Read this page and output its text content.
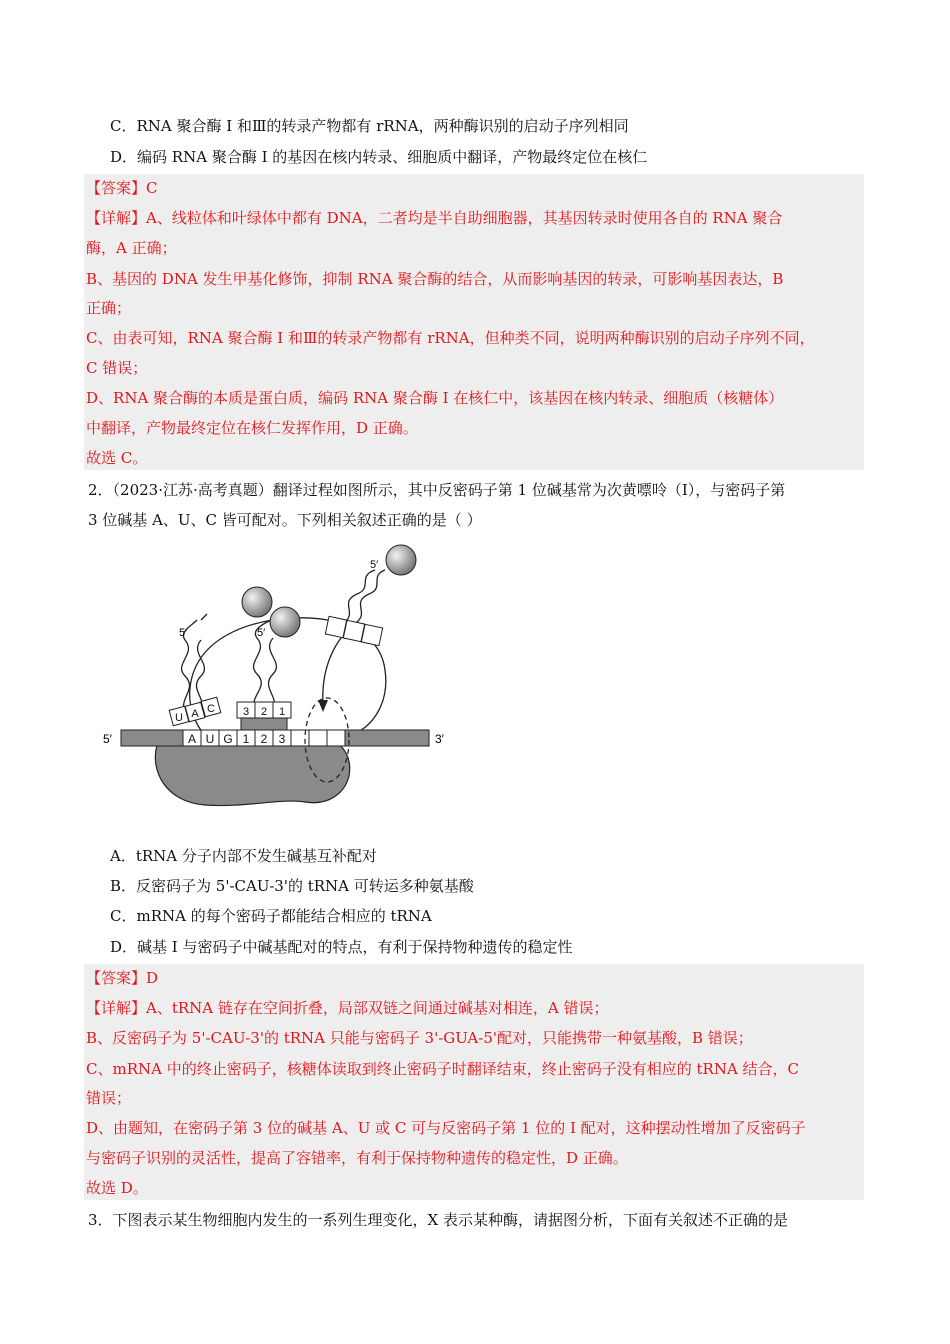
C．RNA 聚合酶 I 和Ⅲ的转录产物都有 rRNA，两种酶识别的启动子序列相同
D．编码 RNA 聚合酶 I 的基因在核内转录、细胞质中翻译，产物最终定位在核仁
【答案】C
【详解】A、线粒体和叶绿体中都有 DNA，二者均是半自助细胞器，其基因转录时使用各自的 RNA 聚合
酶，A 正确；
B、基因的 DNA 发生甲基化修饰，抑制 RNA 聚合酶的结合，从而影响基因的转录，可影响基因表达，B
正确；
C、由表可知，RNA 聚合酶 I 和Ⅲ的转录产物都有 rRNA，但种类不同，说明两种酶识别的启动子序列不同，
C 错误；
D、RNA 聚合酶的本质是蛋白质，编码 RNA 聚合酶 I 在核仁中，该基因在核内转录、细胞质（核糖体）
中翻译，产物最终定位在核仁发挥作用，D 正确。
故选 C。
2．（2023·江苏·高考真题）翻译过程如图所示，其中反密码子第 1 位碱基常为次黄嘌呤（I），与密码子第
3 位碱基 A、U、C 皆可配对。下列相关叙述正确的是（ ）
A U G 1 2 3
5′	3′
5′
U A C
5′
3 2 1
5′
A．tRNA 分子内部不发生碱基互补配对
B．反密码子为 5'-CAU-3'的 tRNA 可转运多种氨基酸
C．mRNA 的每个密码子都能结合相应的 tRNA
D．碱基 I 与密码子中碱基配对的特点，有利于保持物种遗传的稳定性
【答案】D
【详解】A、tRNA 链存在空间折叠，局部双链之间通过碱基对相连，A 错误；
B、反密码子为 5'-CAU-3'的 tRNA 只能与密码子 3'-GUA-5'配对，只能携带一种氨基酸，B 错误；
C、mRNA 中的终止密码子，核糖体读取到终止密码子时翻译结束，终止密码子没有相应的 tRNA 结合，C
错误；
D、由题知，在密码子第 3 位的碱基 A、U 或 C 可与反密码子第 1 位的 I 配对，这种摆动性增加了反密码子
与密码子识别的灵活性，提高了容错率，有利于保持物种遗传的稳定性，D 正确。
故选 D。
3．下图表示某生物细胞内发生的一系列生理变化，X 表示某种酶，请据图分析，下面有关叙述不正确的是
